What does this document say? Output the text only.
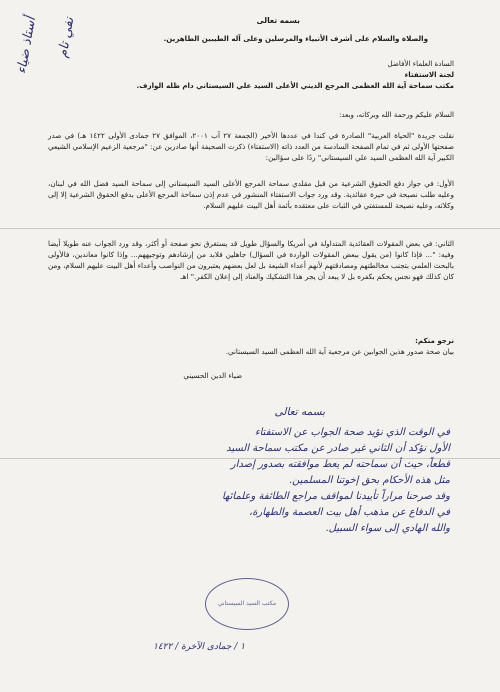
أستاذ ضياء نفي تام	بسمه تعالى
والصلاة والسلام على أشرف الأنبياء والمرسلين وعلى آله الطيبين الطاهرين.
السادة العلماء الأفاضل
لجنة الاستفتاء
مكتب سماحة آية الله العظمى المرجع الديني الأعلى السيد علي السيستاني دام ظله الوارف.
السلام عليكم ورحمة الله وبركاته، وبعد:
نقلت جريدة "الحياة العربية" الصادرة في كندا في عددها الأخير (الجمعة ٢٧ آب ٢٠٠١، الموافق ٢٧ جمادى الأولى ١٤٢٢ هـ) في صدر صفحتها الأولى ثم في تمام الصفحة السادسة من العدد ذاته (الاستفتاء) ذكرت الصحيفة أنها صادرين عن: "مرجعية الزعيم الإسلامي الشيعي الكبير آية الله العظمى السيد علي السيستاني" ردًا على سؤالين:
الأول: في جواز دفع الحقوق الشرعية من قبل مقلدي سماحة المرجع الأعلى السيد السيستاني إلى سماحة السيد فضل الله في لبنان، وعليه طلب نصيحة في حيرة عقائدية. وقد ورد جواب الاستفتاء المنشور في عدم إذن سماحة المرجع الأعلى بدفع الحقوق الشرعية إلا إلى وكلائه، وعليه نصيحة للمستفتي في الثبات على معتقده بأئمة أهل البيت عليهم السلام.
الثاني: في بعض المقولات العقائدية المتداولة في أمريكا والسؤال طويل قد يستغرق نحو صفحة أو أكثر، وقد ورد الجواب عنه طويلا أيضا وفيه: "... فإذا كانوا (من يقول ببعض المقولات الواردة في السؤال) جاهلين فلابد من إرشادهم وتوجيههم... وإذا كانوا معاندين، فالأولى بالبحث العلمي بتجنب مخالطتهم ومصادقتهم لأنهم أعداء الشيعة بل لعل بعضهم يعتبرون من النواصب وأعداء أهل البيت عليهم السلام، ومن كان كذلك فهو نجس يحكم بكفره بل لا يبعد أن يجر هذا التشكيك والعناد إلى إعلان الكفر." اهـ
نرجو منكم:
بيان صحة صدور هذين الجوابين عن مرجعية آية الله العظمى السيد السيستاني.
ضياء الدين الحسيني
بسمه تعالى
في الوقت الذي نؤيد صحة الجواب عن الاستفتاء
الأول نؤكد أن الثاني غير صادر عن مكتب سماحة السيد
قطعاً، حيث أن سماحته لم يعط موافقته بصدور إصدار
مثل هذه الأحكام بحق إخوتنا المسلمين.
وقد صرحنا مراراً تأييدنا لمواقف مراجع الطائفة وعلمائها
في الدفاع عن مذهب أهل بيت العصمة والطهارة،
والله الهادي إلى سواء السبيل.
مكتب السيد السيستاني
١ / جمادى الآخرة / ١٤٢٢
